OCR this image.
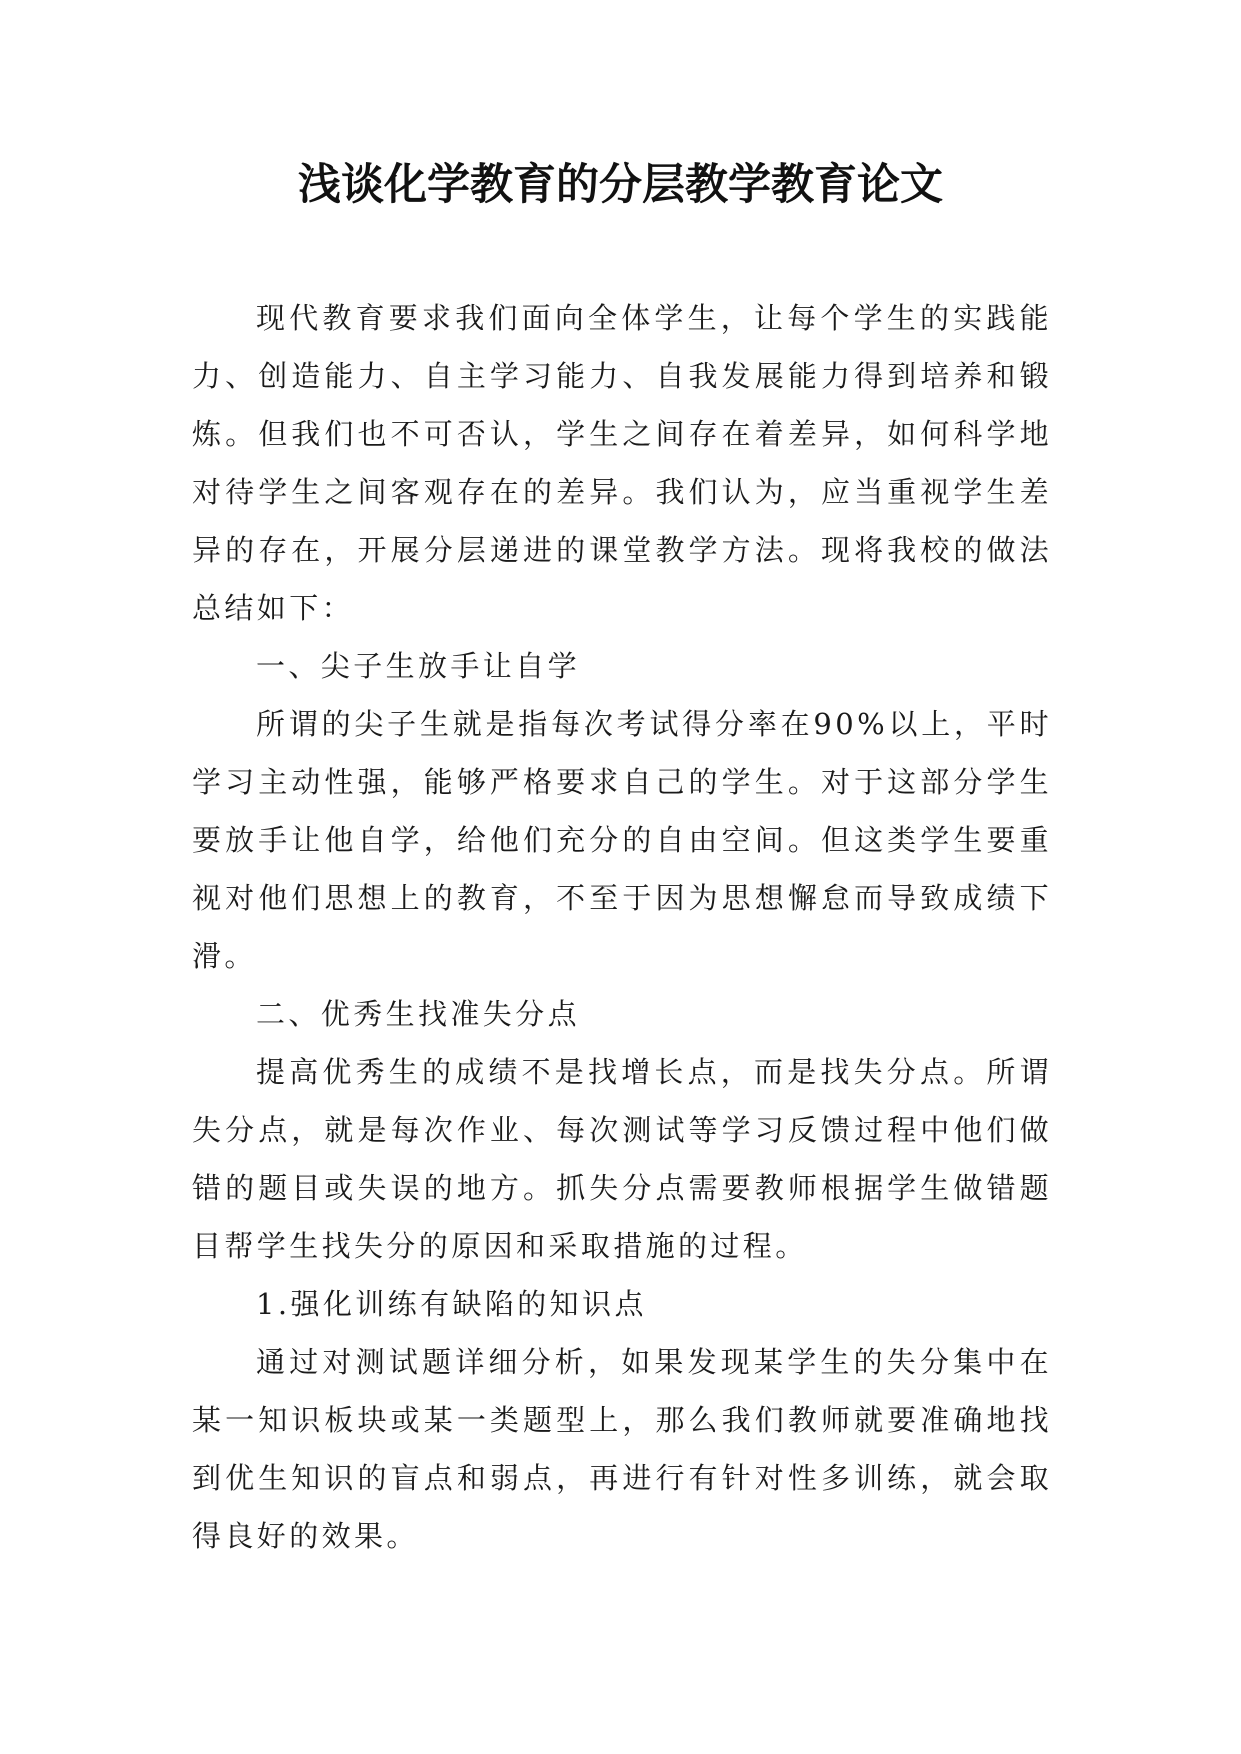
浅谈化学教育的分层教学教育论文

现代教育要求我们面向全体学生，让每个学生的实践能力、创造能力、自主学习能力、自我发展能力得到培养和锻炼。但我们也不可否认，学生之间存在着差异，如何科学地对待学生之间客观存在的差异。我们认为，应当重视学生差异的存在，开展分层递进的课堂教学方法。现将我校的做法总结如下：

一、尖子生放手让自学

所谓的尖子生就是指每次考试得分率在90%以上，平时学习主动性强，能够严格要求自己的学生。对于这部分学生要放手让他自学，给他们充分的自由空间。但这类学生要重视对他们思想上的教育，不至于因为思想懈怠而导致成绩下滑。

二、优秀生找准失分点

提高优秀生的成绩不是找增长点，而是找失分点。所谓失分点，就是每次作业、每次测试等学习反馈过程中他们做错的题目或失误的地方。抓失分点需要教师根据学生做错题目帮学生找失分的原因和采取措施的过程。

1.强化训练有缺陷的知识点

通过对测试题详细分析，如果发现某学生的失分集中在某一知识板块或某一类题型上，那么我们教师就要准确地找到优生知识的盲点和弱点，再进行有针对性多训练，就会取得良好的效果。
